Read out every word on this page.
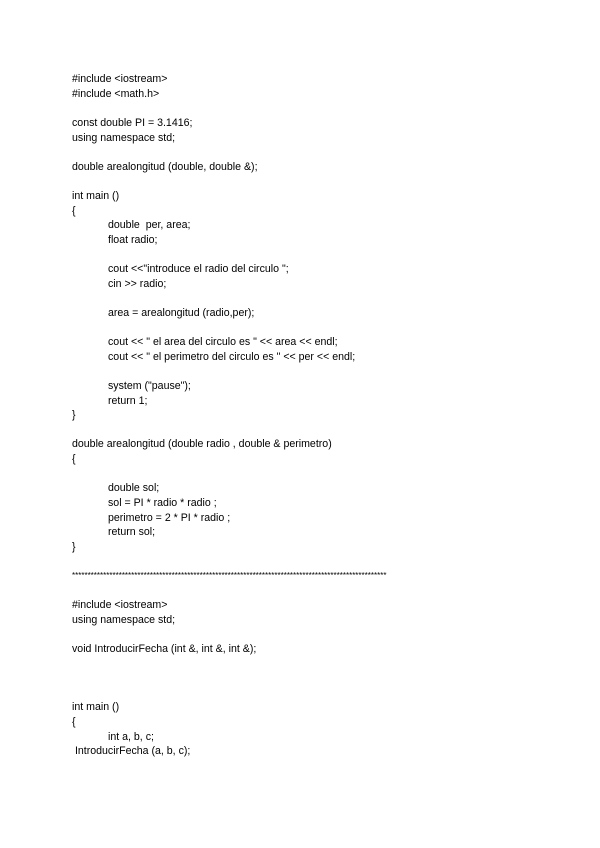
#include <iostream>
#include <math.h>
const double PI = 3.1416;
using namespace std;
double arealongitud (double, double &);
int main ()
{
double  per, area;
float radio;
cout <<"introduce el radio del circulo ";
cin >> radio;
area = arealongitud (radio,per);
cout << " el area del circulo es " << area << endl;
cout << " el perimetro del circulo es " << per << endl;
system ("pause");
return 1;
}
double arealongitud (double radio , double & perimetro)
{
double sol;
sol = PI * radio * radio ;
perimetro = 2 * PI * radio ;
return sol;
}
*****************************************************************************************************
#include <iostream>
using namespace std;
void IntroducirFecha (int &, int &, int &);
int main ()
{
int a, b, c;
IntroducirFecha (a, b, c);
